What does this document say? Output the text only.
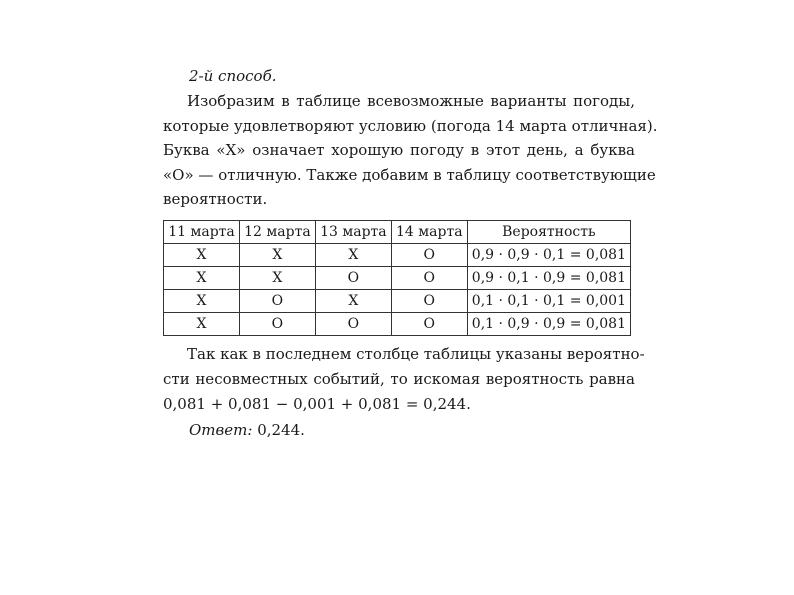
2-й способ.
Изобразим в таблице всевозможные варианты погоды,
которые удовлетворяют условию (погода 14 марта отличная).
Буква «Х» означает хорошую погоду в этот день, а буква
«О» — отличную. Также добавим в таблицу соответствующие
вероятности.
11 марта	12 марта	13 марта	14 марта	Вероятность
Х	Х	Х	О	0,9 · 0,9 · 0,1 = 0,081
Х	Х	О	О	0,9 · 0,1 · 0,9 = 0,081
Х	О	Х	О	0,1 · 0,1 · 0,1 = 0,001
Х	О	О	О	0,1 · 0,9 · 0,9 = 0,081
Так как в последнем столбце таблицы указаны вероятно-
сти несовместных событий, то искомая вероятность равна
0,081 + 0,081 − 0,001 + 0,081 = 0,244.
Ответ: 0,244.
